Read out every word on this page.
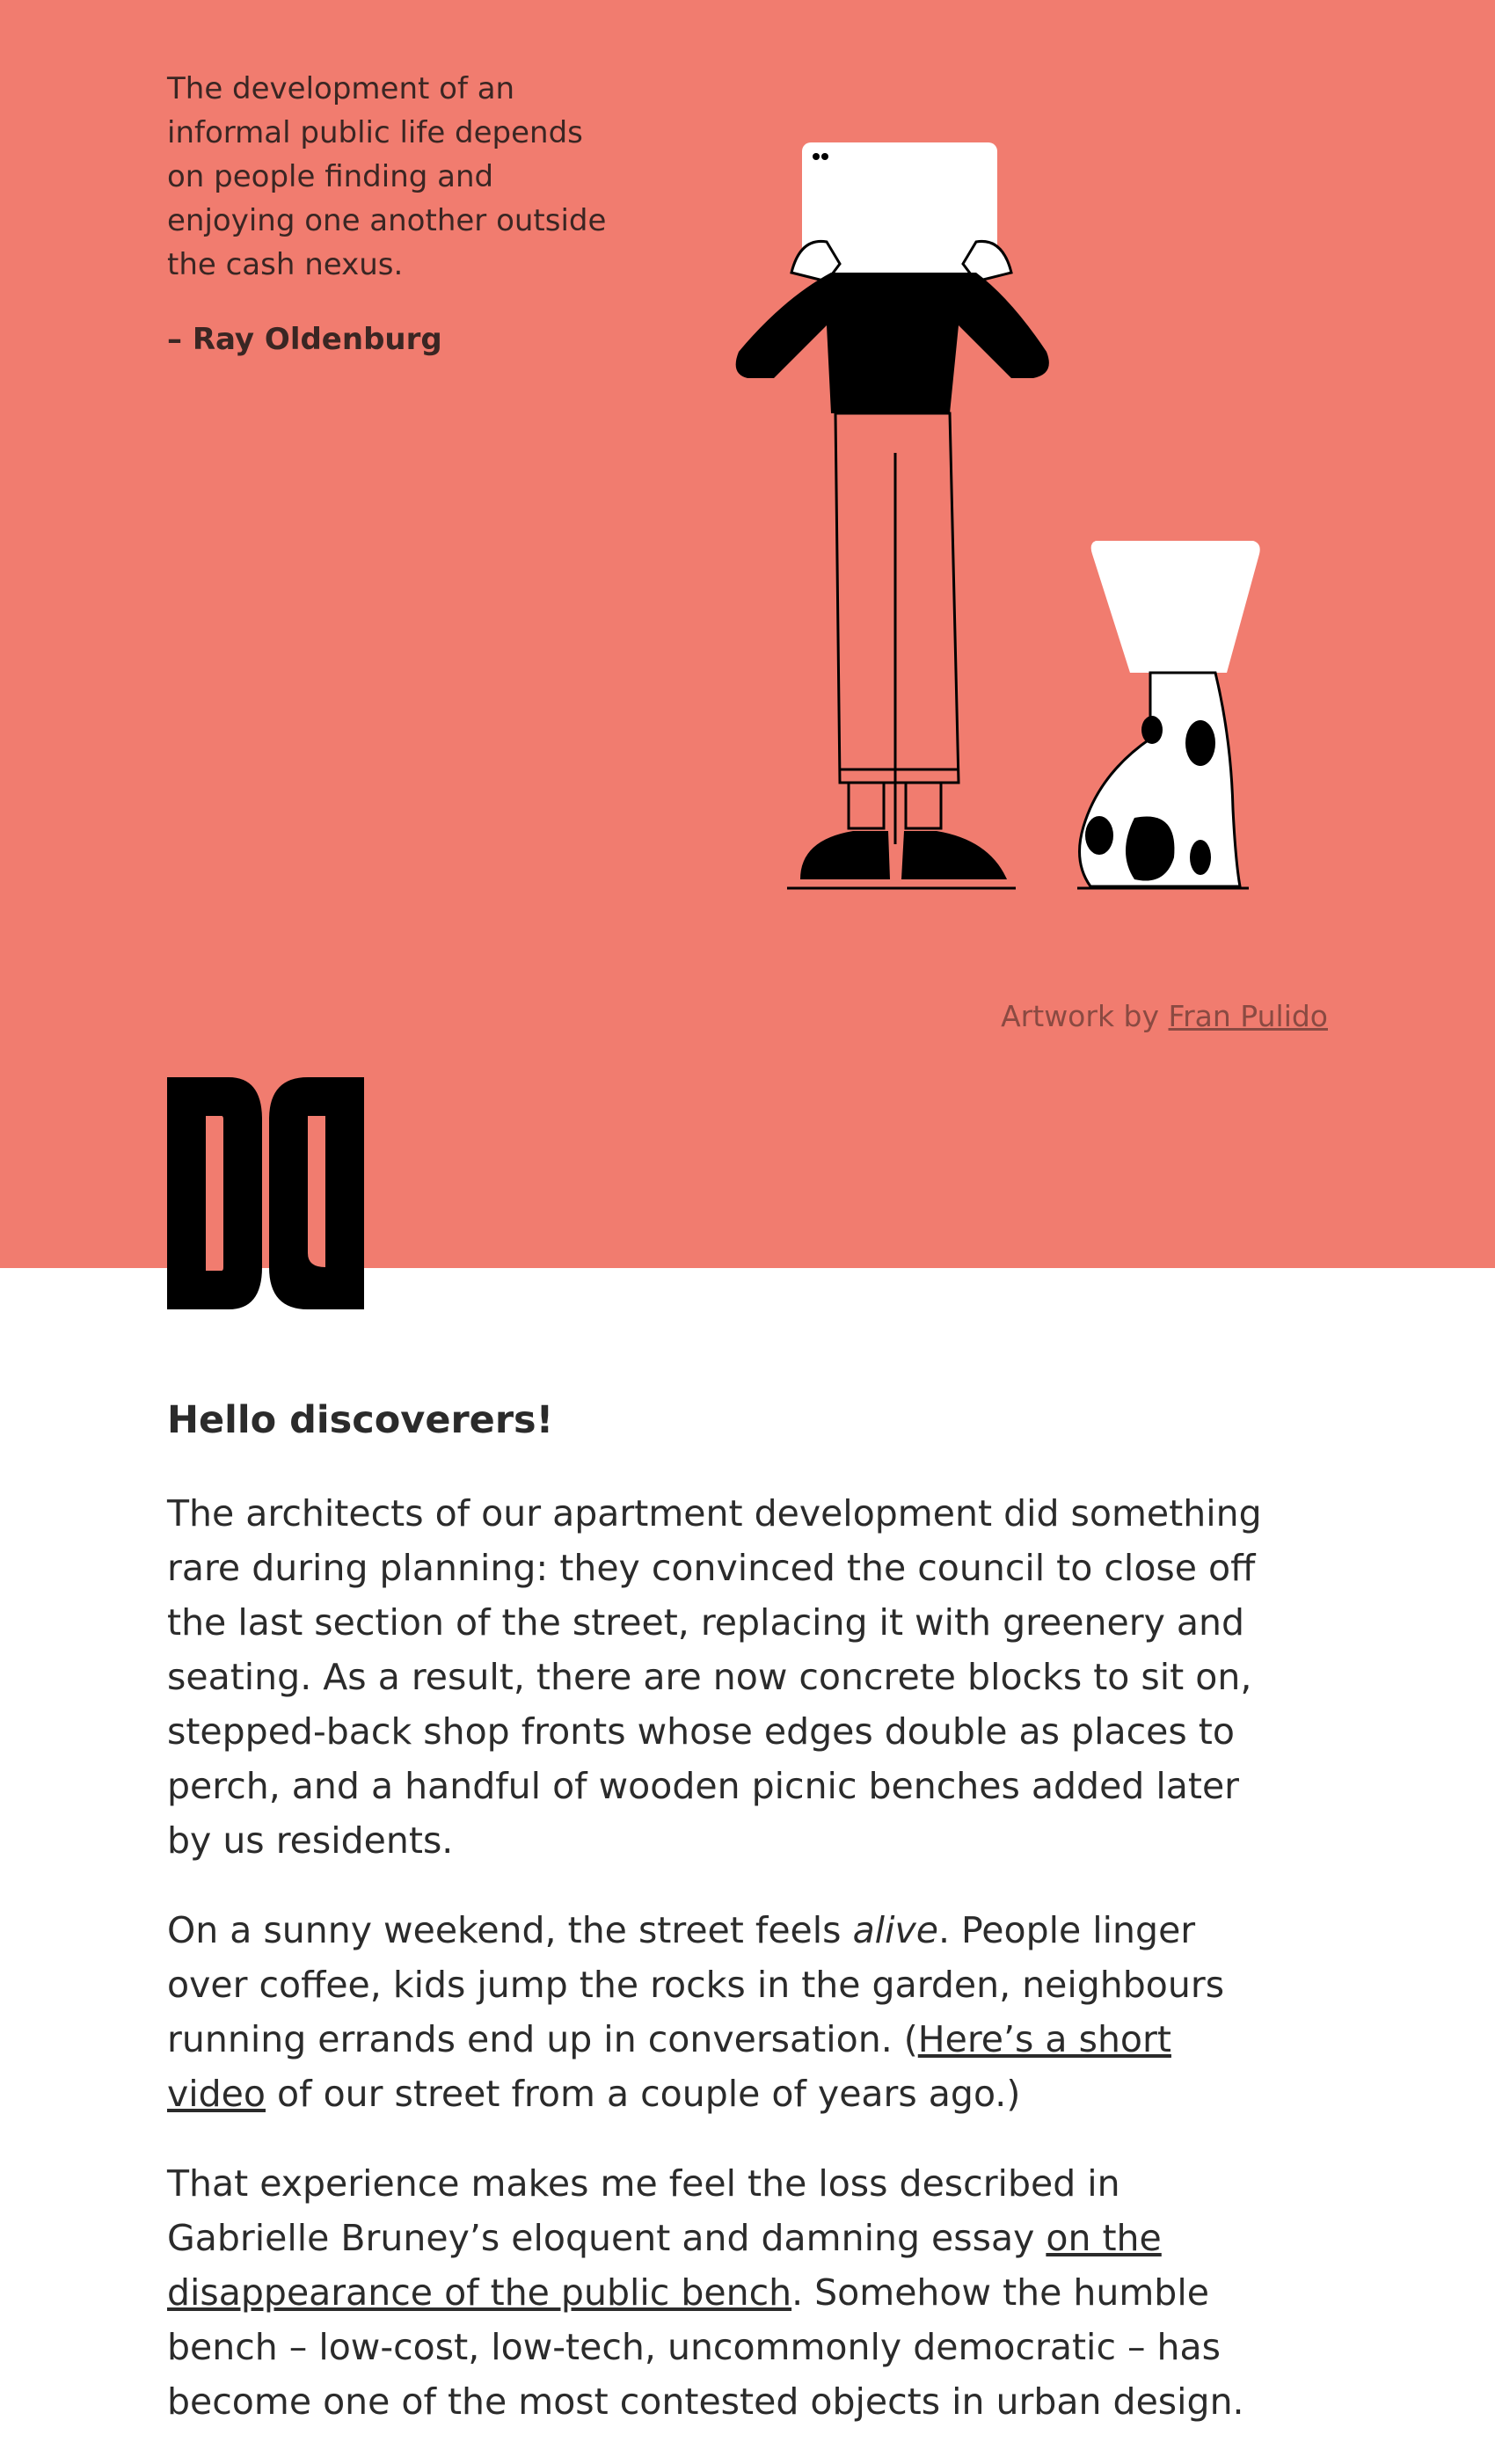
The development of an informal public life depends on people finding and enjoying one another outside the cash nexus.

– Ray Oldenburg

Artwork by Fran Pulido

Hello discoverers!

The architects of our apartment development did something rare during planning: they convinced the council to close off the last section of the street, replacing it with greenery and seating. As a result, there are now concrete blocks to sit on, stepped-back shop fronts whose edges double as places to perch, and a handful of wooden picnic benches added later by us residents.

On a sunny weekend, the street feels alive. People linger over coffee, kids jump the rocks in the garden, neighbours running errands end up in conversation. (Here’s a short video of our street from a couple of years ago.)

That experience makes me feel the loss described in Gabrielle Bruney’s eloquent and damning essay on the disappearance of the public bench. Somehow the humble bench – low-cost, low-tech, uncommonly democratic – has become one of the most contested objects in urban design.
